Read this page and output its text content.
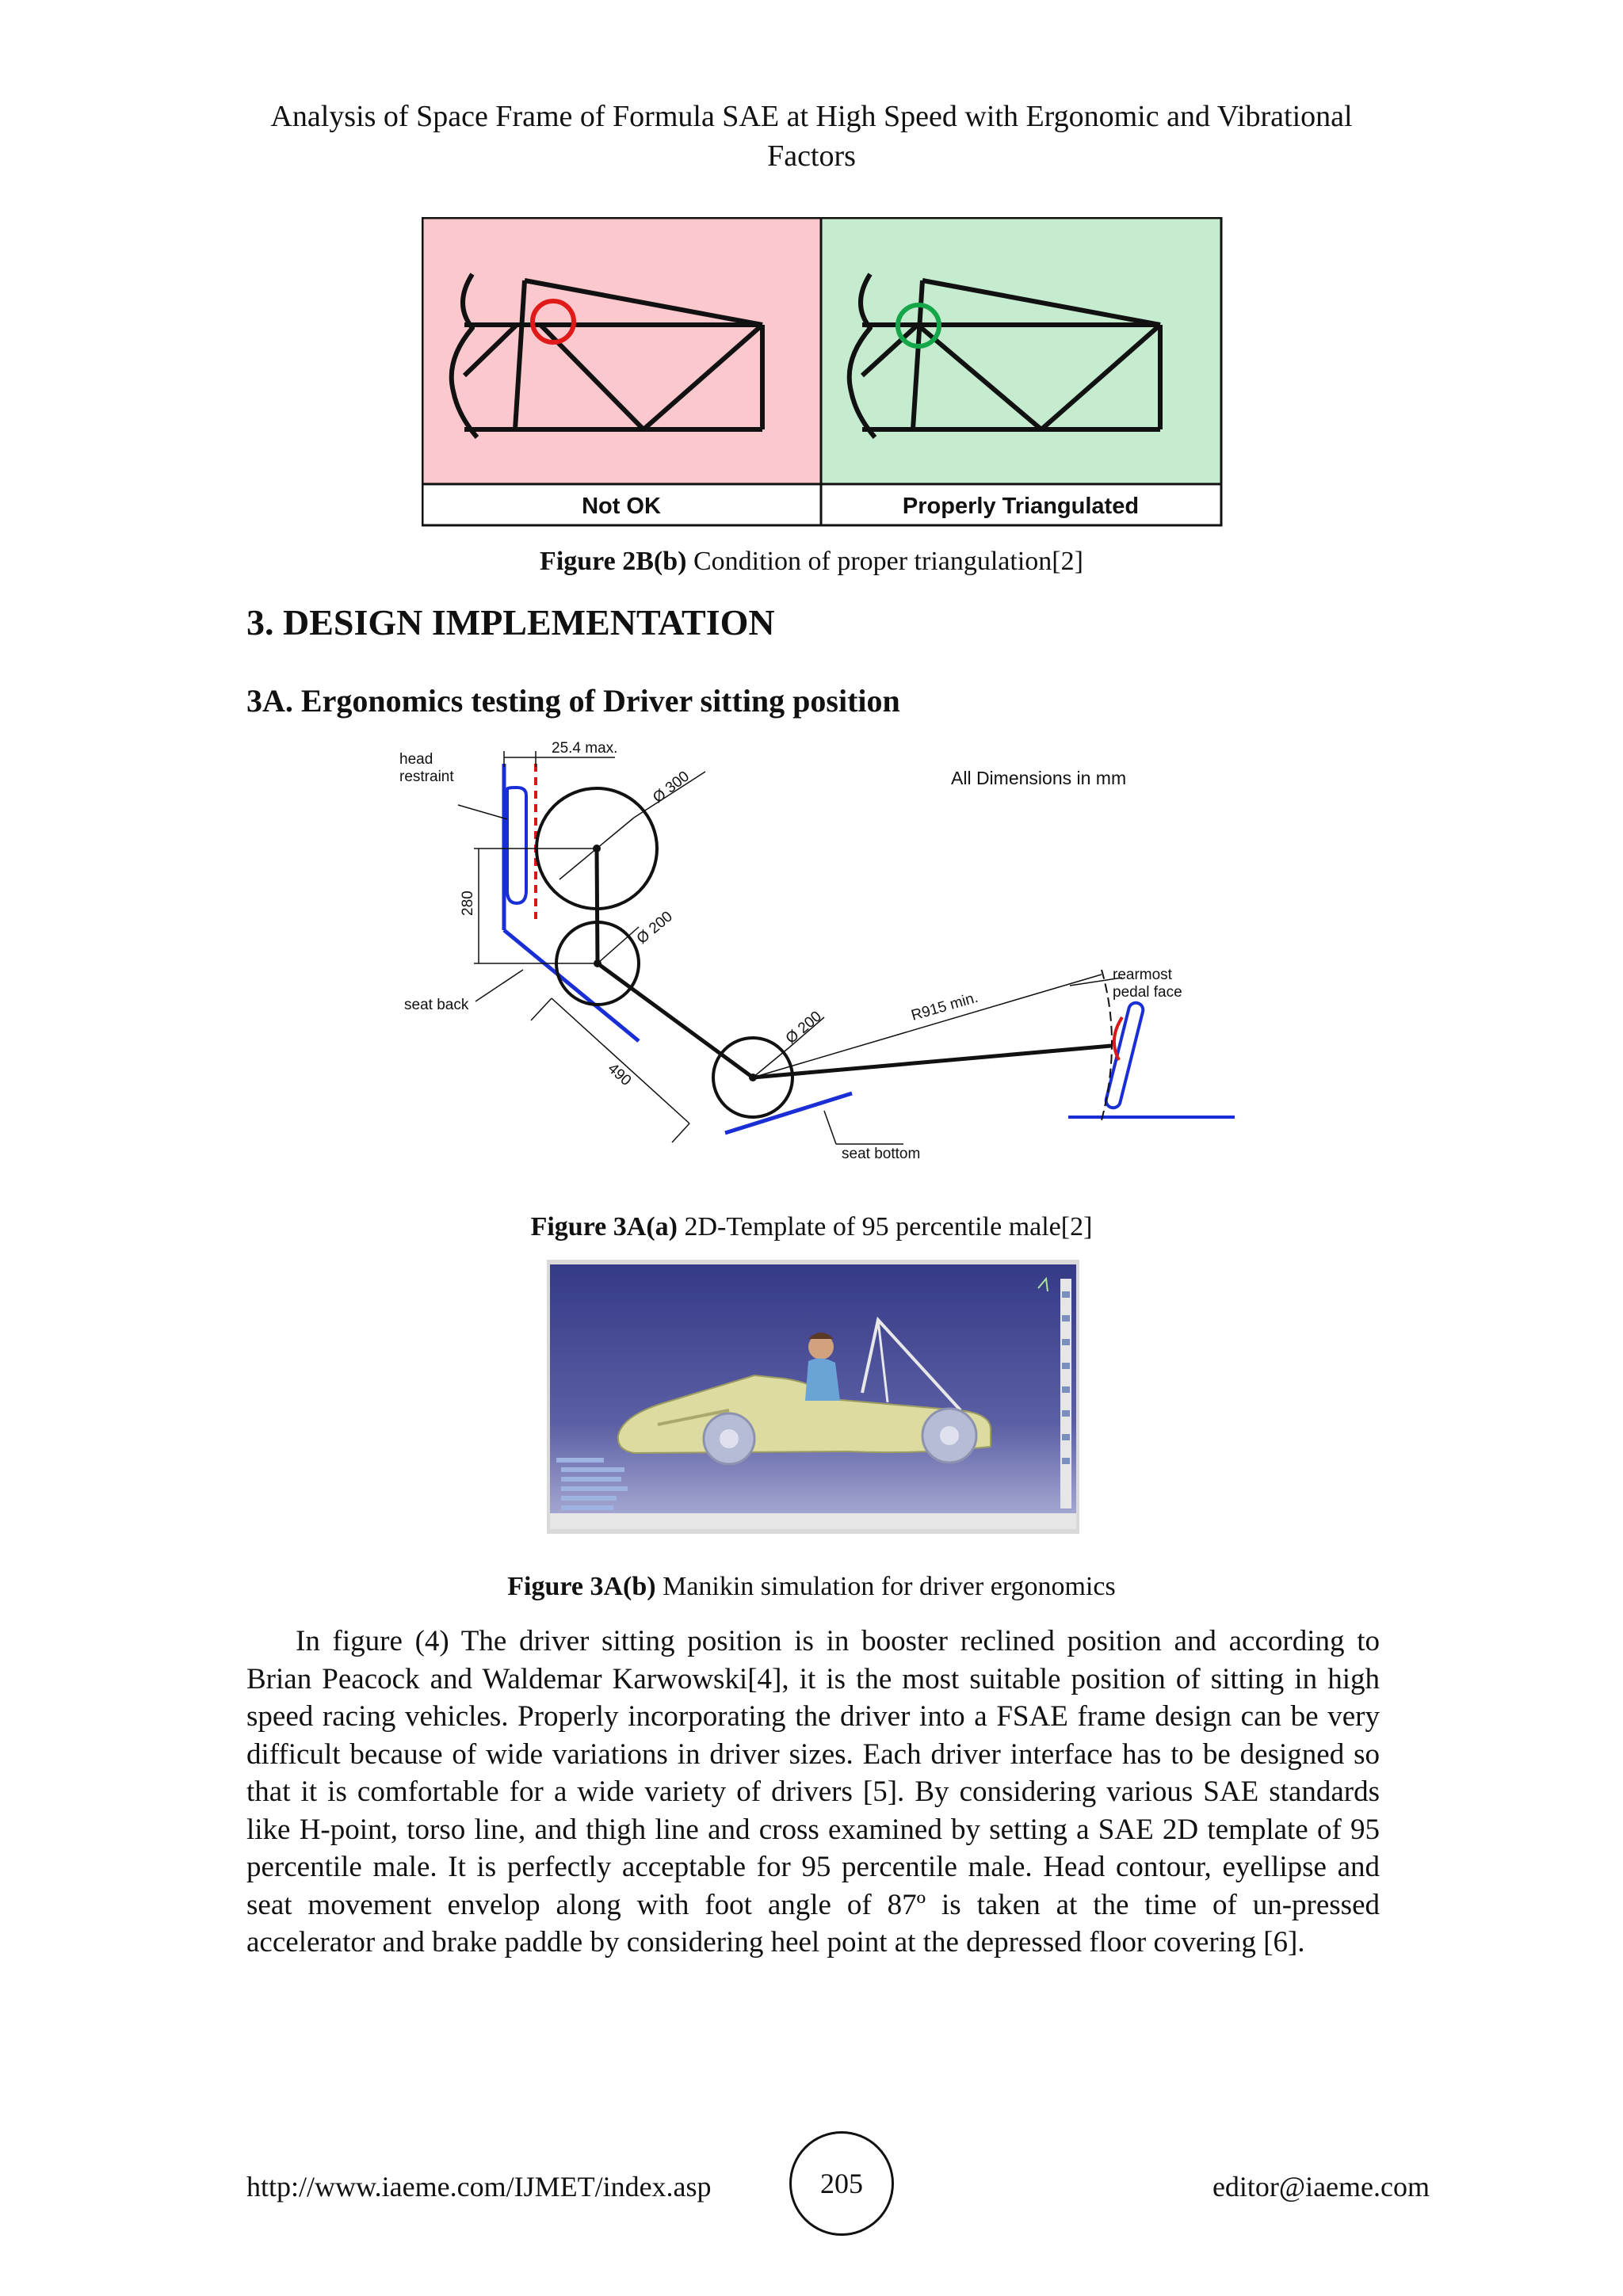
Analysis of Space Frame of Formula SAE at High Speed with Ergonomic and Vibrational Factors
Not OK	Properly Triangulated
Figure 2B(b) Condition of proper triangulation[2]
3. DESIGN IMPLEMENTATION
3A. Ergonomics testing of Driver sitting position
head
restraint
25.4 max.
All Dimensions in mm
280
Ø 300
Ø 200
Ø 200
490
seat back
seat bottom
R915 min.
rearmost
pedal face
Figure 3A(a) 2D-Template of 95 percentile male[2]
Figure 3A(b) Manikin simulation for driver ergonomics

In figure (4) The driver sitting position is in booster reclined position and according to Brian Peacock and Waldemar Karwowski[4], it is the most suitable position of sitting in high speed racing vehicles. Properly incorporating the driver into a FSAE frame design can be very difficult because of wide variations in driver sizes. Each driver interface has to be designed so that it is comfortable for a wide variety of drivers [5]. By considering various SAE standards like H-point, torso line, and thigh line and cross examined by setting a SAE 2D template of 95 percentile male. It is perfectly acceptable for 95 percentile male. Head contour, eyellipse and seat movement envelop along with foot angle of 87º is taken at the time of un-pressed accelerator and brake paddle by considering heel point at the depressed floor covering [6].

http://www.iaeme.com/IJMET/index.asp	205	editor@iaeme.com
